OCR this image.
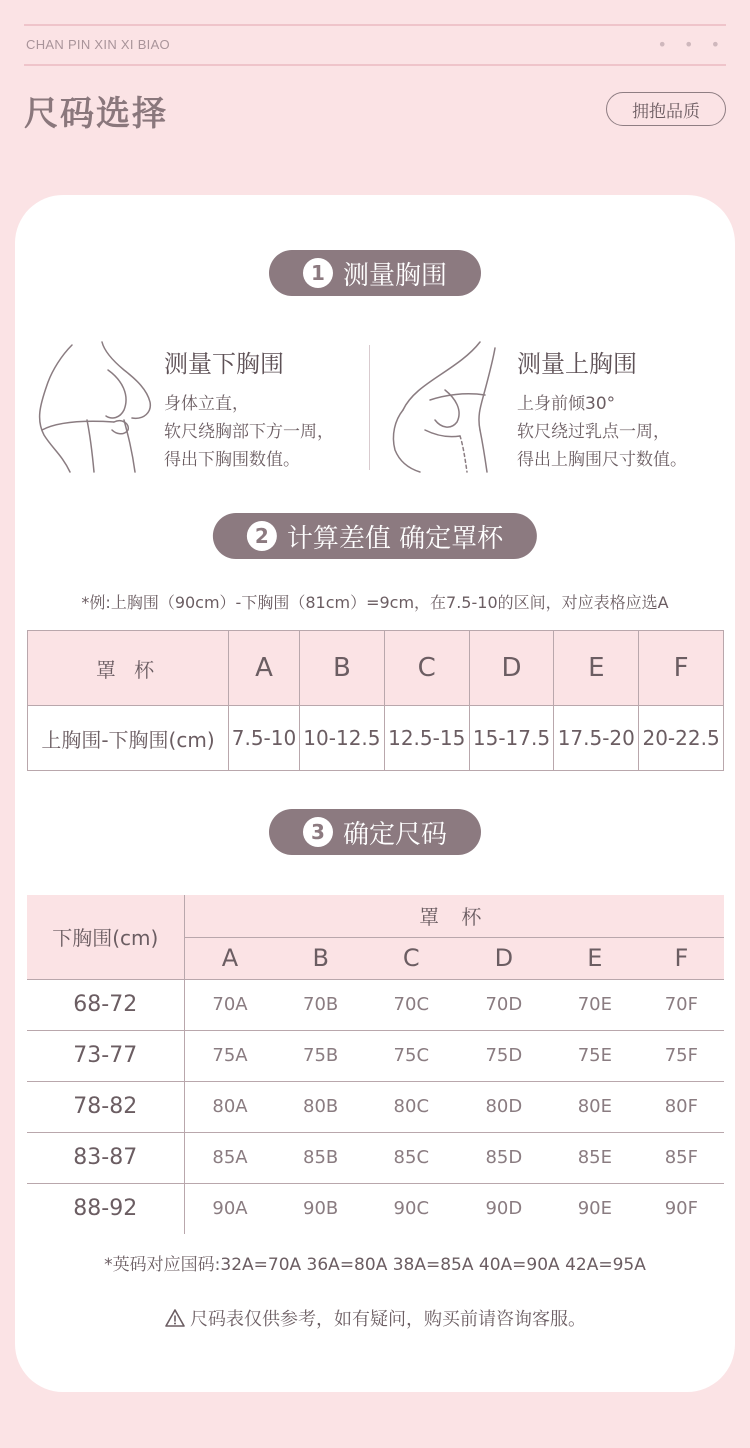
CHAN PIN XIN XI BIAO	• • •
尺码选择	拥抱品质
1 测量胸围
测量下胸围
身体立直，
软尺绕胸部下方一周，
得出下胸围数值。
测量上胸围
上身前倾30°
软尺绕过乳点一周，
得出上胸围尺寸数值。
2 计算差值 确定罩杯
*例:上胸围（90cm）-下胸围（81cm）=9cm，在7.5-10的区间，对应表格应选A
罩 杯	A	B	C	D	E	F
上胸围-下胸围(cm)	7.5-10	10-12.5	12.5-15	15-17.5	17.5-20	20-22.5
3 确定尺码
下胸围(cm)	罩 杯					
	A	B	C	D	E	F
68-72	70A	70B	70C	70D	70E	70F
73-77	75A	75B	75C	75D	75E	75F
78-82	80A	80B	80C	80D	80E	80F
83-87	85A	85B	85C	85D	85E	85F
88-92	90A	90B	90C	90D	90E	90F
*英码对应国码:32A=70A 36A=80A 38A=85A 40A=90A 42A=95A
尺码表仅供参考，如有疑问，购买前请咨询客服。
